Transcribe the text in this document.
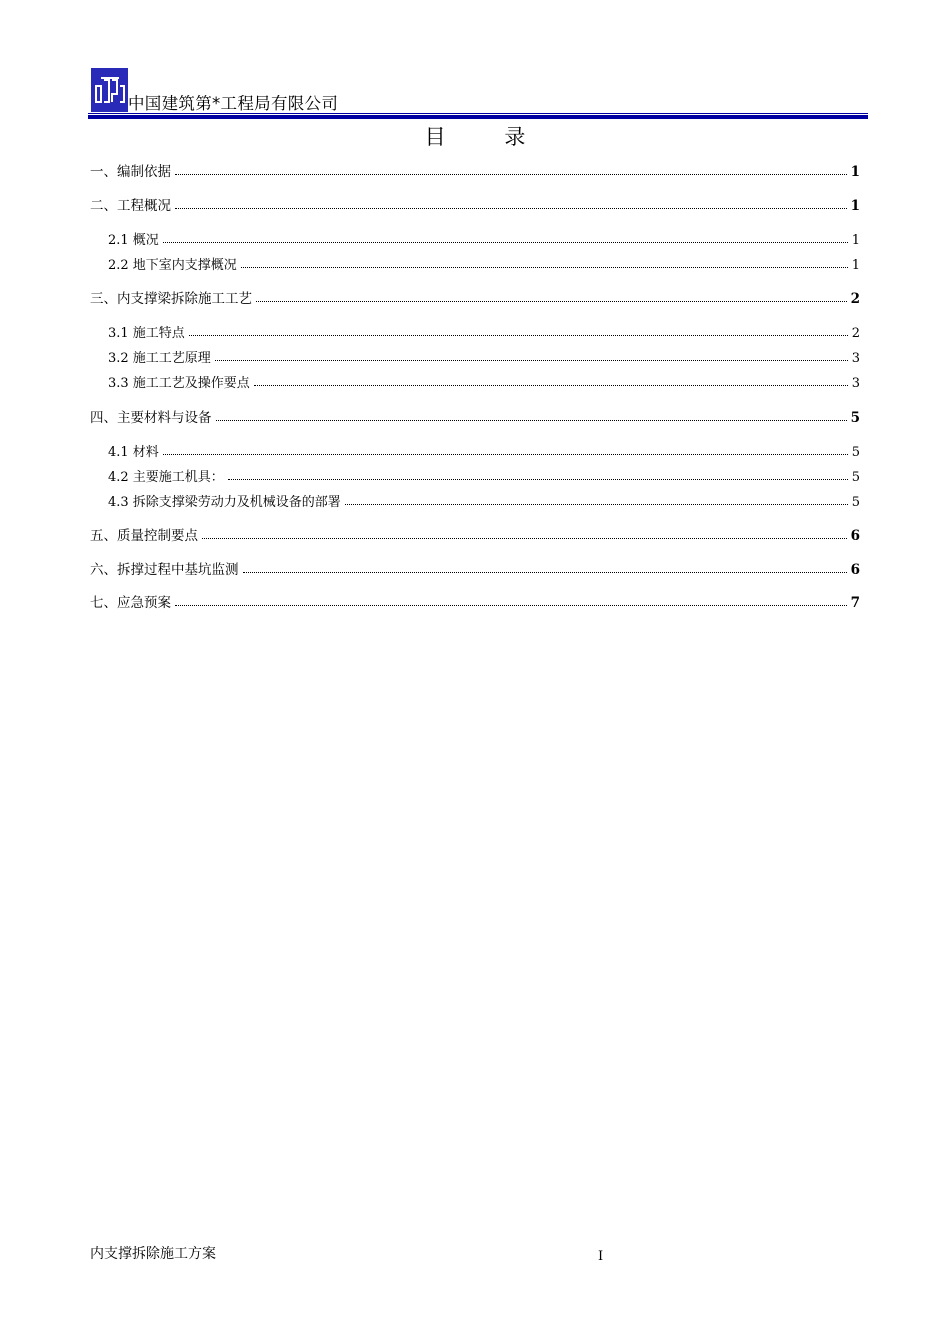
中国建筑第*工程局有限公司
目 录
一、编制依据	1
二、工程概况	1
2.1 概况	1
2.2 地下室内支撑概况	1
三、内支撑梁拆除施工工艺	2
3.1 施工特点	2
3.2 施工工艺原理	3
3.3 施工工艺及操作要点	3
四、主要材料与设备	5
4.1 材料	5
4.2 主要施工机具：	5
4.3 拆除支撑梁劳动力及机械设备的部署	5
五、质量控制要点	6
六、拆撑过程中基坑监测	6
七、应急预案	7
内支撑拆除施工方案	I
